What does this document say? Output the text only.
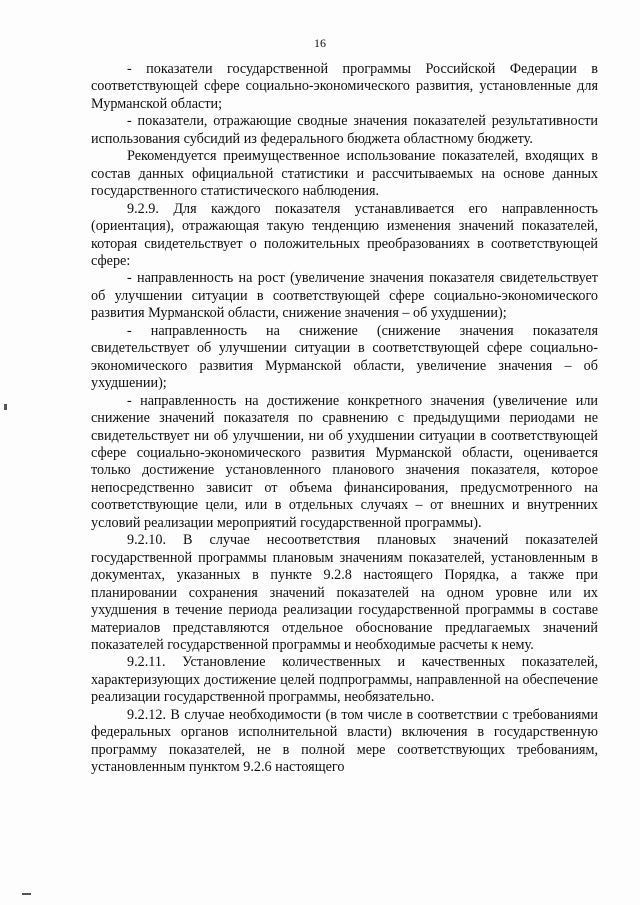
16

- показатели государственной программы Российской Федерации в соответствующей сфере социально-экономического развития, установленные для Мурманской области;

- показатели, отражающие сводные значения показателей результативности использования субсидий из федерального бюджета областному бюджету.

Рекомендуется преимущественное использование показателей, входящих в состав данных официальной статистики и рассчитываемых на основе данных государственного статистического наблюдения.

9.2.9. Для каждого показателя устанавливается его направленность (ориентация), отражающая такую тенденцию изменения значений показателей, которая свидетельствует о положительных преобразованиях в соответствующей сфере:

- направленность на рост (увеличение значения показателя свидетельствует об улучшении ситуации в соответствующей сфере социально-экономического развития Мурманской области, снижение значения – об ухудшении);

- направленность на снижение (снижение значения показателя свидетельствует об улучшении ситуации в соответствующей сфере социально-экономического развития Мурманской области, увеличение значения – об ухудшении);

- направленность на достижение конкретного значения (увеличение или снижение значений показателя по сравнению с предыдущими периодами не свидетельствует ни об улучшении, ни об ухудшении ситуации в соответствующей сфере социально-экономического развития Мурманской области, оценивается только достижение установленного планового значения показателя, которое непосредственно зависит от объема финансирования, предусмотренного на соответствующие цели, или в отдельных случаях – от внешних и внутренних условий реализации мероприятий государственной программы).

9.2.10. В случае несоответствия плановых значений показателей государственной программы плановым значениям показателей, установленным в документах, указанных в пункте 9.2.8 настоящего Порядка, а также при планировании сохранения значений показателей на одном уровне или их ухудшения в течение периода реализации государственной программы в составе материалов представляются отдельное обоснование предлагаемых значений показателей государственной программы и необходимые расчеты к нему.

9.2.11. Установление количественных и качественных показателей, характеризующих достижение целей подпрограммы, направленной на обеспечение реализации государственной программы, необязательно.

9.2.12. В случае необходимости (в том числе в соответствии с требованиями федеральных органов исполнительной власти) включения в государственную программу показателей, не в полной мере соответствующих требованиям, установленным пунктом 9.2.6 настоящего
